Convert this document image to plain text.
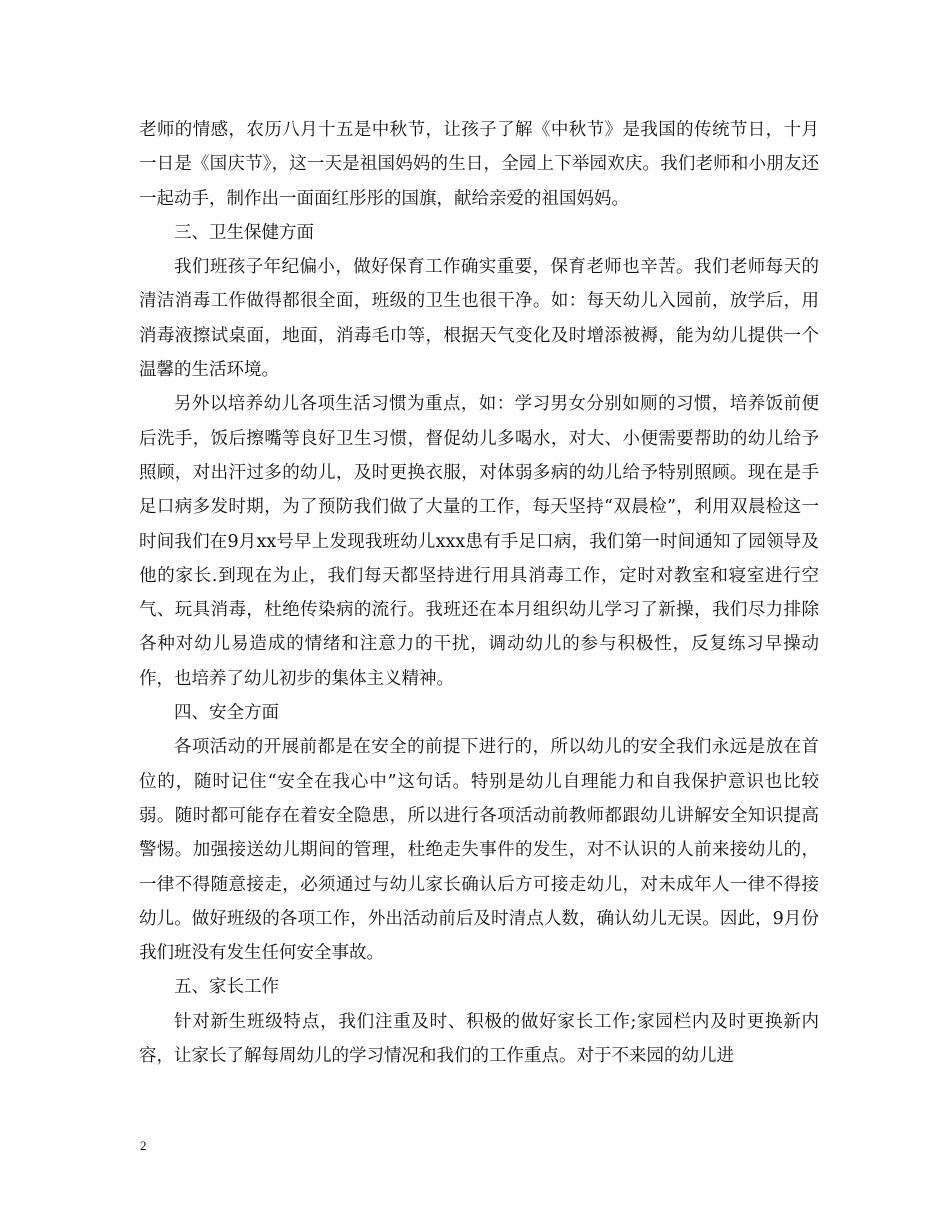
老师的情感，农历八月十五是中秋节，让孩子了解《中秋节》是我国的传统节日，十月一日是《国庆节》，这一天是祖国妈妈的生日，全园上下举园欢庆。我们老师和小朋友还一起动手，制作出一面面红彤彤的国旗，献给亲爱的祖国妈妈。

三、卫生保健方面

我们班孩子年纪偏小，做好保育工作确实重要，保育老师也辛苦。我们老师每天的清洁消毒工作做得都很全面，班级的卫生也很干净。如：每天幼儿入园前，放学后，用消毒液擦试桌面，地面，消毒毛巾等，根据天气变化及时增添被褥，能为幼儿提供一个温馨的生活环境。

另外以培养幼儿各项生活习惯为重点，如：学习男女分别如厕的习惯，培养饭前便后洗手，饭后擦嘴等良好卫生习惯，督促幼儿多喝水，对大、小便需要帮助的幼儿给予照顾，对出汗过多的幼儿，及时更换衣服，对体弱多病的幼儿给予特别照顾。现在是手足口病多发时期，为了预防我们做了大量的工作，每天坚持“双晨检”，利用双晨检这一时间我们在9月xx号早上发现我班幼儿xxx患有手足口病，我们第一时间通知了园领导及他的家长.到现在为止，我们每天都坚持进行用具消毒工作，定时对教室和寝室进行空气、玩具消毒，杜绝传染病的流行。我班还在本月组织幼儿学习了新操，我们尽力排除各种对幼儿易造成的情绪和注意力的干扰，调动幼儿的参与积极性，反复练习早操动作，也培养了幼儿初步的集体主义精神。

四、安全方面

各项活动的开展前都是在安全的前提下进行的，所以幼儿的安全我们永远是放在首位的，随时记住“安全在我心中”这句话。特别是幼儿自理能力和自我保护意识也比较弱。随时都可能存在着安全隐患，所以进行各项活动前教师都跟幼儿讲解安全知识提高警惕。加强接送幼儿期间的管理，杜绝走失事件的发生，对不认识的人前来接幼儿的，一律不得随意接走，必须通过与幼儿家长确认后方可接走幼儿，对未成年人一律不得接幼儿。做好班级的各项工作，外出活动前后及时清点人数，确认幼儿无误。因此，9月份我们班没有发生任何安全事故。

五、家长工作

针对新生班级特点，我们注重及时、积极的做好家长工作;家园栏内及时更换新内容，让家长了解每周幼儿的学习情况和我们的工作重点。对于不来园的幼儿进

2
